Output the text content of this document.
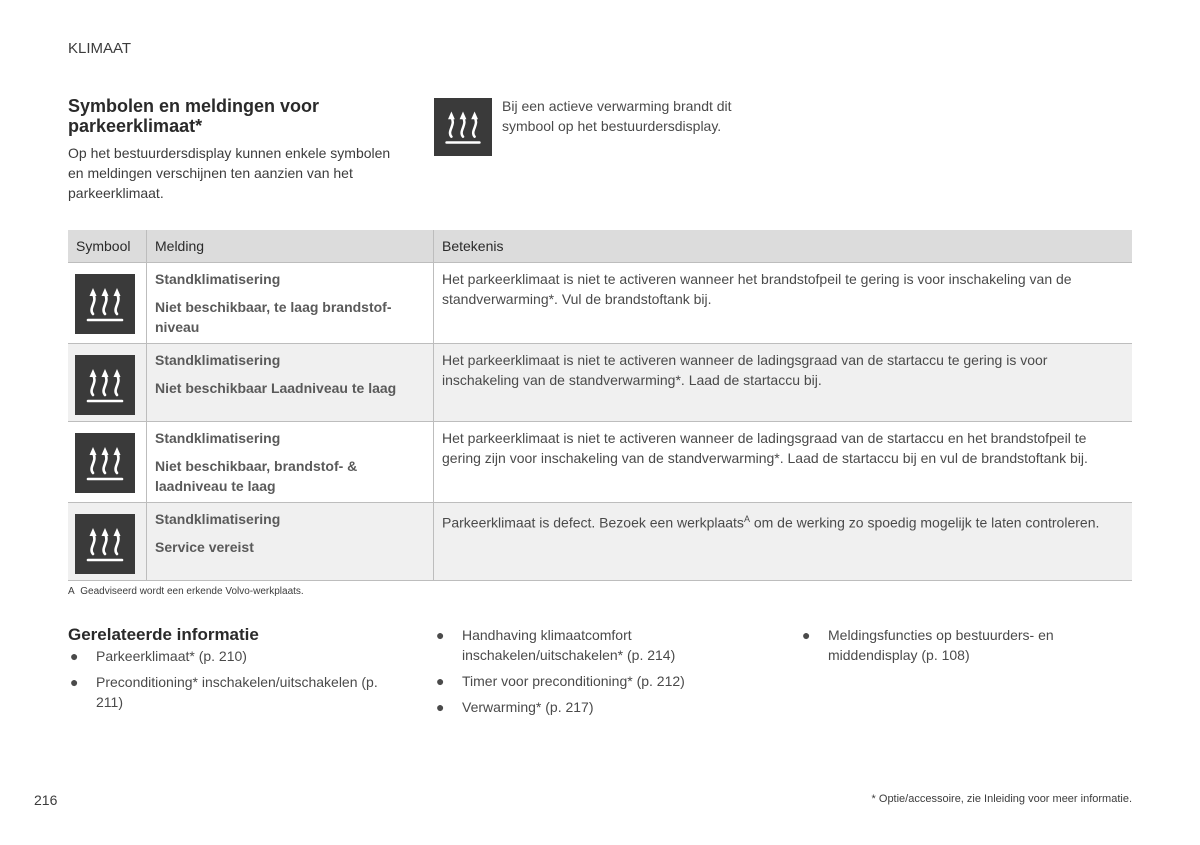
KLIMAAT
Symbolen en meldingen voor parkeerklimaat*
Op het bestuurdersdisplay kunnen enkele symbolen en meldingen verschijnen ten aanzien van het parkeerklimaat.
Bij een actieve verwarming brandt dit symbool op het bestuurdersdisplay.
Symbool	Melding	Betekenis

Standklimatisering
Niet beschikbaar, te laag brandstof-niveau	Het parkeerklimaat is niet te activeren wanneer het brandstofpeil te gering is voor inschakeling van de standverwarming*. Vul de brandstoftank bij.

Standklimatisering
Niet beschikbaar Laadniveau te laag	Het parkeerklimaat is niet te activeren wanneer de ladingsgraad van de startaccu te gering is voor inschakeling van de standverwarming*. Laad de startaccu bij.

Standklimatisering
Niet beschikbaar, brandstof- & laadniveau te laag	Het parkeerklimaat is niet te activeren wanneer de ladingsgraad van de startaccu en het brandstofpeil te gering zijn voor inschakeling van de standverwarming*. Laad de startaccu bij en vul de brandstoftank bij.

Standklimatisering
Service vereist	Parkeerklimaat is defect. Bezoek een werkplaats$^A$ om de werking zo spoedig mogelijk te laten controleren.
A Geadviseerd wordt een erkende Volvo-werkplaats.
Gerelateerde informatie
● Parkeerklimaat* (p. 210)
● Preconditioning* inschakelen/uitschakelen (p. 211)
● Handhaving klimaatcomfort inschakelen/uitschakelen* (p. 214)
● Timer voor preconditioning* (p. 212)
● Verwarming* (p. 217)
● Meldingsfuncties op bestuurders- en middendisplay (p. 108)
216	* Optie/accessoire, zie Inleiding voor meer informatie.
